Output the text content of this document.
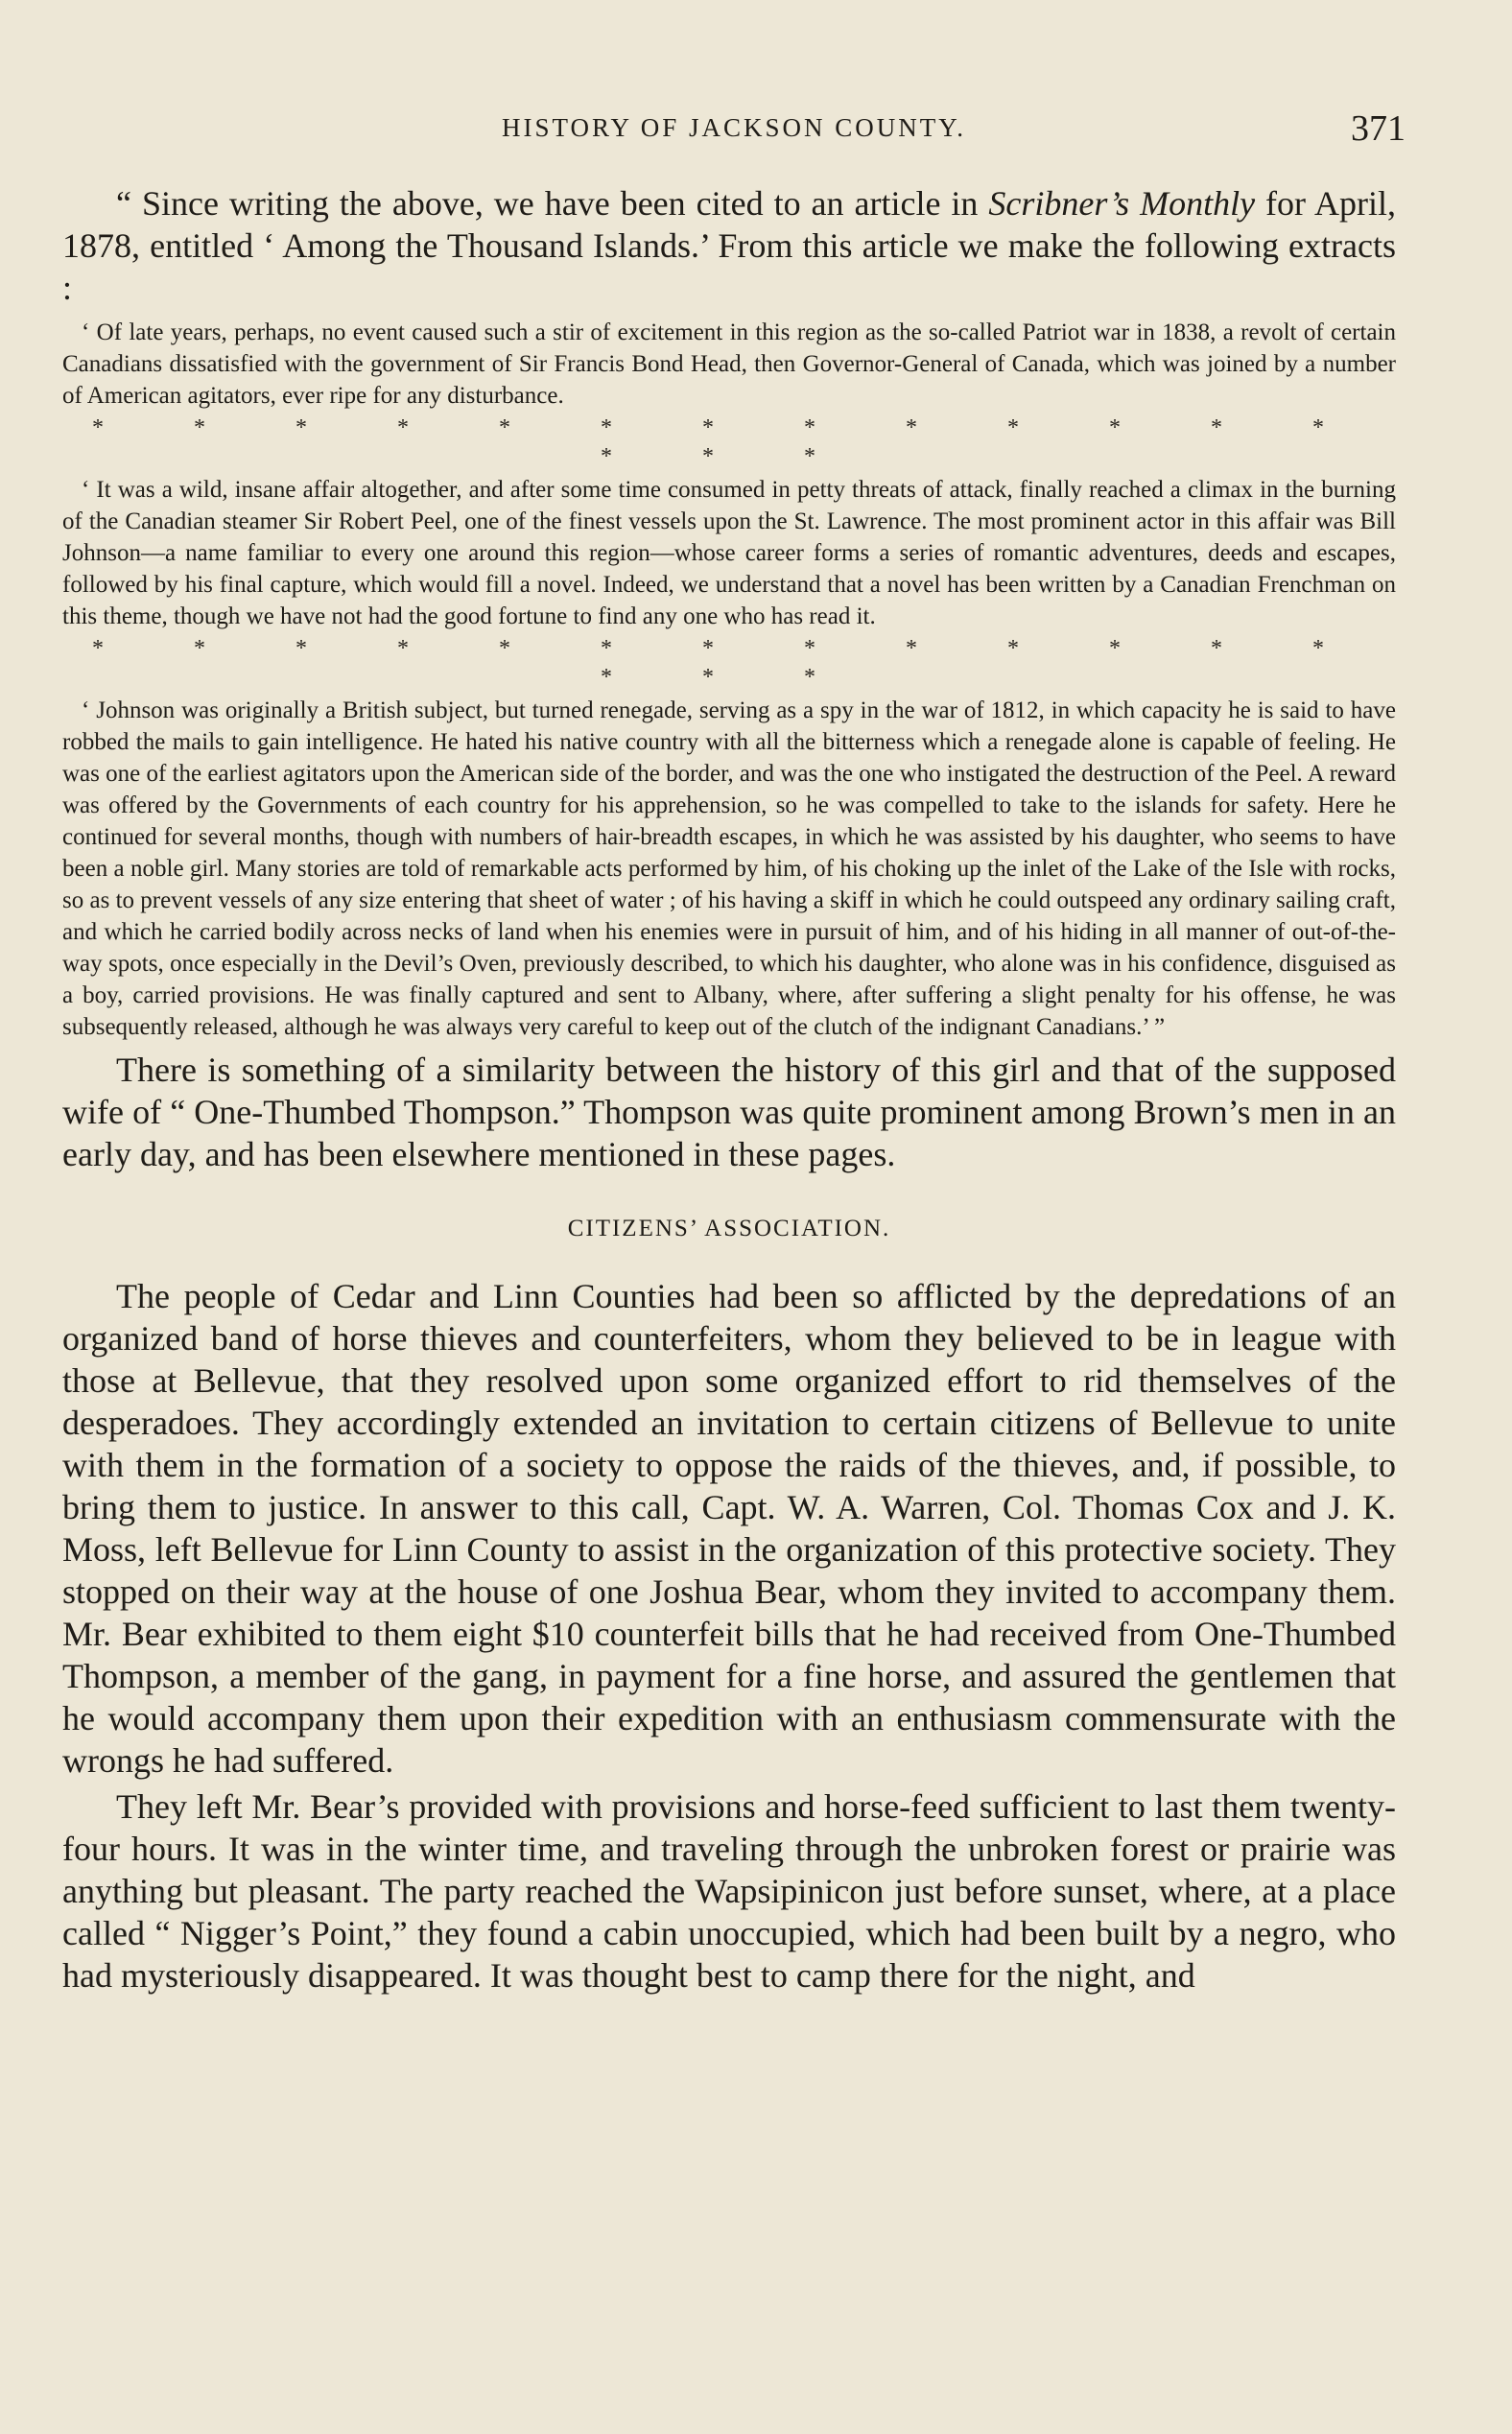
HISTORY OF JACKSON COUNTY.	371

“ Since writing the above, we have been cited to an article in Scribner’s Monthly for April, 1878, entitled ‘ Among the Thousand Islands.’ From this article we make the following extracts :

‘ Of late years, perhaps, no event caused such a stir of excitement in this region as the so-called Patriot war in 1838, a revolt of certain Canadians dissatisfied with the government of Sir Francis Bond Head, then Governor-General of Canada, which was joined by a number of American agitators, ever ripe for any disturbance.

* * * * * * * * * * * * * * * *

‘ It was a wild, insane affair altogether, and after some time consumed in petty threats of attack, finally reached a climax in the burning of the Canadian steamer Sir Robert Peel, one of the finest vessels upon the St. Lawrence. The most prominent actor in this affair was Bill Johnson—a name familiar to every one around this region—whose career forms a series of romantic adventures, deeds and escapes, followed by his final capture, which would fill a novel. Indeed, we understand that a novel has been written by a Canadian Frenchman on this theme, though we have not had the good fortune to find any one who has read it.

* * * * * * * * * * * * * * * *

‘ Johnson was originally a British subject, but turned renegade, serving as a spy in the war of 1812, in which capacity he is said to have robbed the mails to gain intelligence. He hated his native country with all the bitterness which a renegade alone is capable of feeling. He was one of the earliest agitators upon the American side of the border, and was the one who instigated the destruction of the Peel. A reward was offered by the Governments of each country for his apprehension, so he was compelled to take to the islands for safety. Here he continued for several months, though with numbers of hair-breadth escapes, in which he was assisted by his daughter, who seems to have been a noble girl. Many stories are told of remarkable acts performed by him, of his choking up the inlet of the Lake of the Isle with rocks, so as to prevent vessels of any size entering that sheet of water ; of his having a skiff in which he could outspeed any ordinary sailing craft, and which he carried bodily across necks of land when his enemies were in pursuit of him, and of his hiding in all manner of out-of-the-way spots, once especially in the Devil’s Oven, previously described, to which his daughter, who alone was in his confidence, disguised as a boy, carried provisions. He was finally captured and sent to Albany, where, after suffering a slight penalty for his offense, he was subsequently released, although he was always very careful to keep out of the clutch of the indignant Canadians.’ ”

There is something of a similarity between the history of this girl and that of the supposed wife of “ One-Thumbed Thompson.” Thompson was quite prominent among Brown’s men in an early day, and has been elsewhere mentioned in these pages.

CITIZENS’ ASSOCIATION.

The people of Cedar and Linn Counties had been so afflicted by the depredations of an organized band of horse thieves and counterfeiters, whom they believed to be in league with those at Bellevue, that they resolved upon some organized effort to rid themselves of the desperadoes. They accordingly extended an invitation to certain citizens of Bellevue to unite with them in the formation of a society to oppose the raids of the thieves, and, if possible, to bring them to justice. In answer to this call, Capt. W. A. Warren, Col. Thomas Cox and J. K. Moss, left Bellevue for Linn County to assist in the organization of this protective society. They stopped on their way at the house of one Joshua Bear, whom they invited to accompany them. Mr. Bear exhibited to them eight $10 counterfeit bills that he had received from One-Thumbed Thompson, a member of the gang, in payment for a fine horse, and assured the gentlemen that he would accompany them upon their expedition with an enthusiasm commensurate with the wrongs he had suffered.

They left Mr. Bear’s provided with provisions and horse-feed sufficient to last them twenty-four hours. It was in the winter time, and traveling through the unbroken forest or prairie was anything but pleasant. The party reached the Wapsipinicon just before sunset, where, at a place called “ Nigger’s Point,” they found a cabin unoccupied, which had been built by a negro, who had mysteriously disappeared. It was thought best to camp there for the night, and
